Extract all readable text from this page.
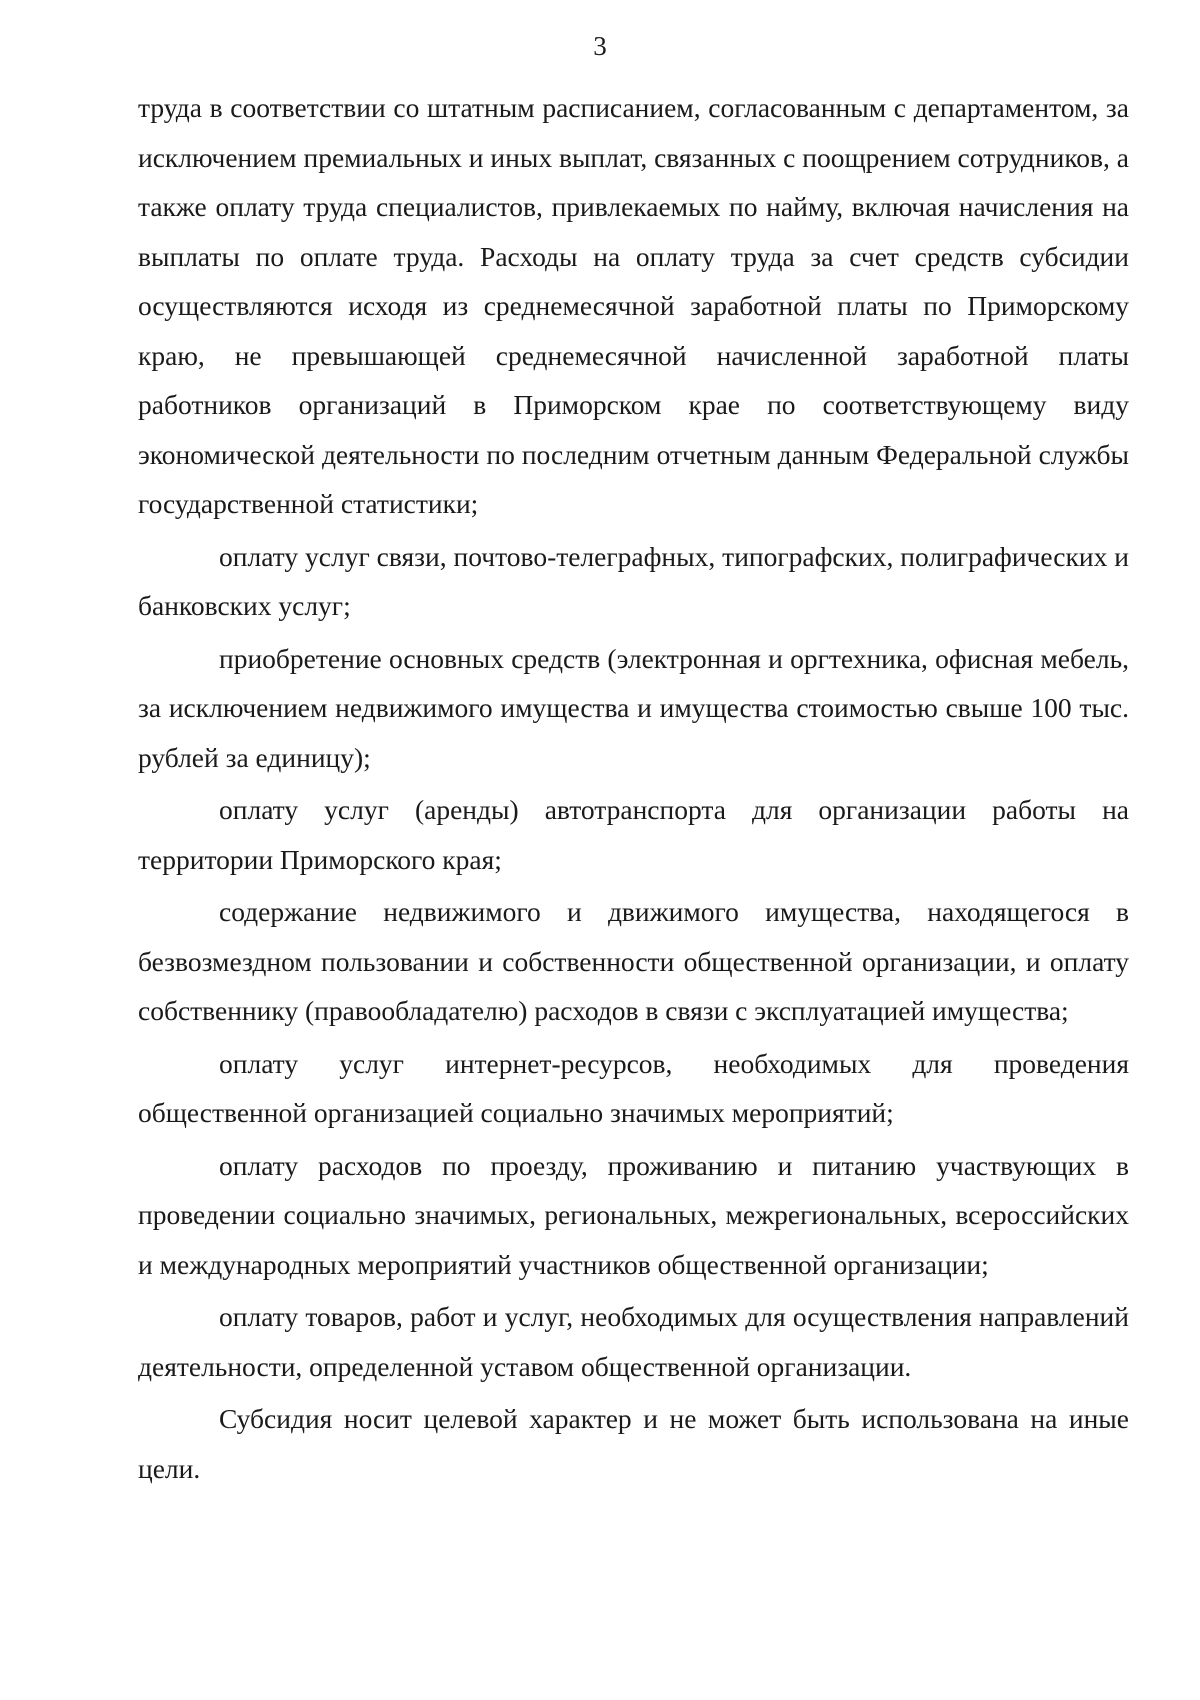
3

труда в соответствии со штатным расписанием, согласованным с департаментом, за исключением премиальных и иных выплат, связанных с поощрением сотрудников, а также оплату труда специалистов, привлекаемых по найму, включая начисления на выплаты по оплате труда. Расходы на оплату труда за счет средств субсидии осуществляются исходя из среднемесячной заработной платы по Приморскому краю, не превышающей среднемесячной начисленной заработной платы работников организаций в Приморском крае по соответствующему виду экономической деятельности по последним отчетным данным Федеральной службы государственной статистики;

оплату услуг связи, почтово-телеграфных, типографских, полиграфических и банковских услуг;

приобретение основных средств (электронная и оргтехника, офисная мебель, за исключением недвижимого имущества и имущества стоимостью свыше 100 тыс. рублей за единицу);

оплату услуг (аренды) автотранспорта для организации работы на территории Приморского края;

содержание недвижимого и движимого имущества, находящегося в безвозмездном пользовании и собственности общественной организации, и оплату собственнику (правообладателю) расходов в связи с эксплуатацией имущества;

оплату услуг интернет-ресурсов, необходимых для проведения общественной организацией социально значимых мероприятий;

оплату расходов по проезду, проживанию и питанию участвующих в проведении социально значимых, региональных, межрегиональных, всероссийских и международных мероприятий участников общественной организации;

оплату товаров, работ и услуг, необходимых для осуществления направлений деятельности, определенной уставом общественной организации.

Субсидия носит целевой характер и не может быть использована на иные цели.
